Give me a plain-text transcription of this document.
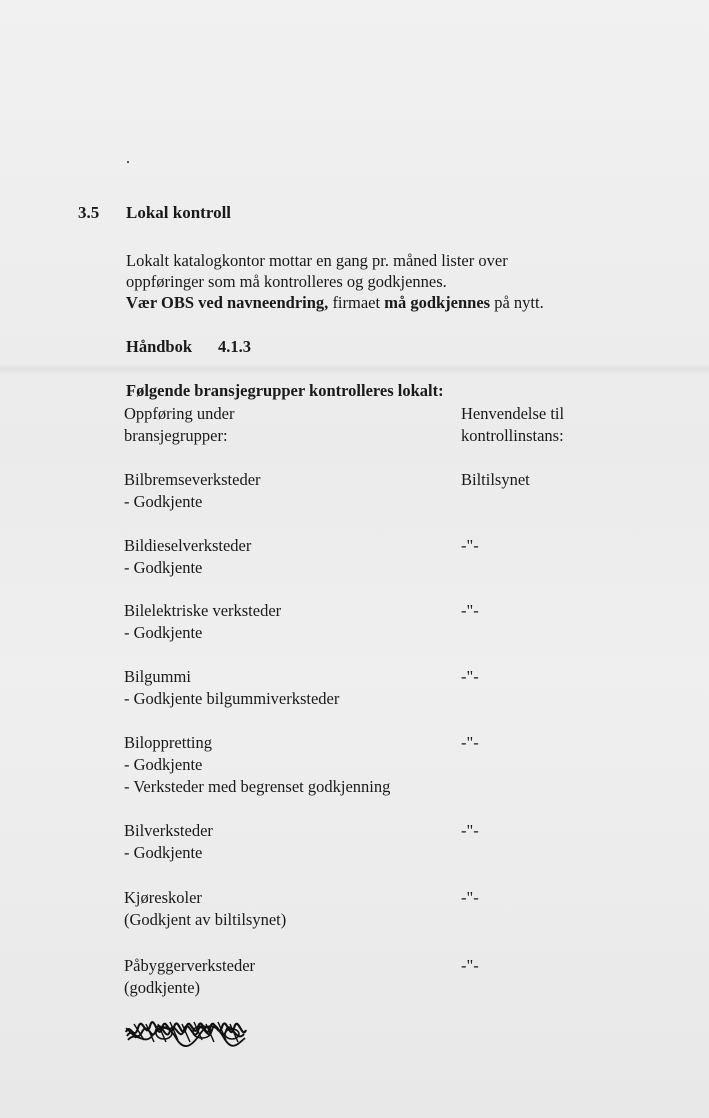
.
3.5 Lokal kontroll
Lokalt katalogkontor mottar en gang pr. måned lister over
oppføringer som må kontrolleres og godkjennes.
Vær OBS ved navneendring, firmaet må godkjennes på nytt.
Håndbok 4.1.3
Følgende bransjegrupper kontrolleres lokalt:
Oppføring under
bransjegrupper:
Henvendelse til
kontrollinstans:
Bilbremseverksteder
- Godkjente
Biltilsynet
Bildieselverksteder
- Godkjente
-"-
Bilelektriske verksteder
- Godkjente
-"-
Bilgummi
- Godkjente bilgummiverksteder
-"-
Biloppretting
- Godkjente
- Verksteder med begrenset godkjenning
-"-
Bilverksteder
- Godkjente
-"-
Kjøreskoler
(Godkjent av biltilsynet)
-"-
Påbyggerverksteder
(godkjente)
-"-
